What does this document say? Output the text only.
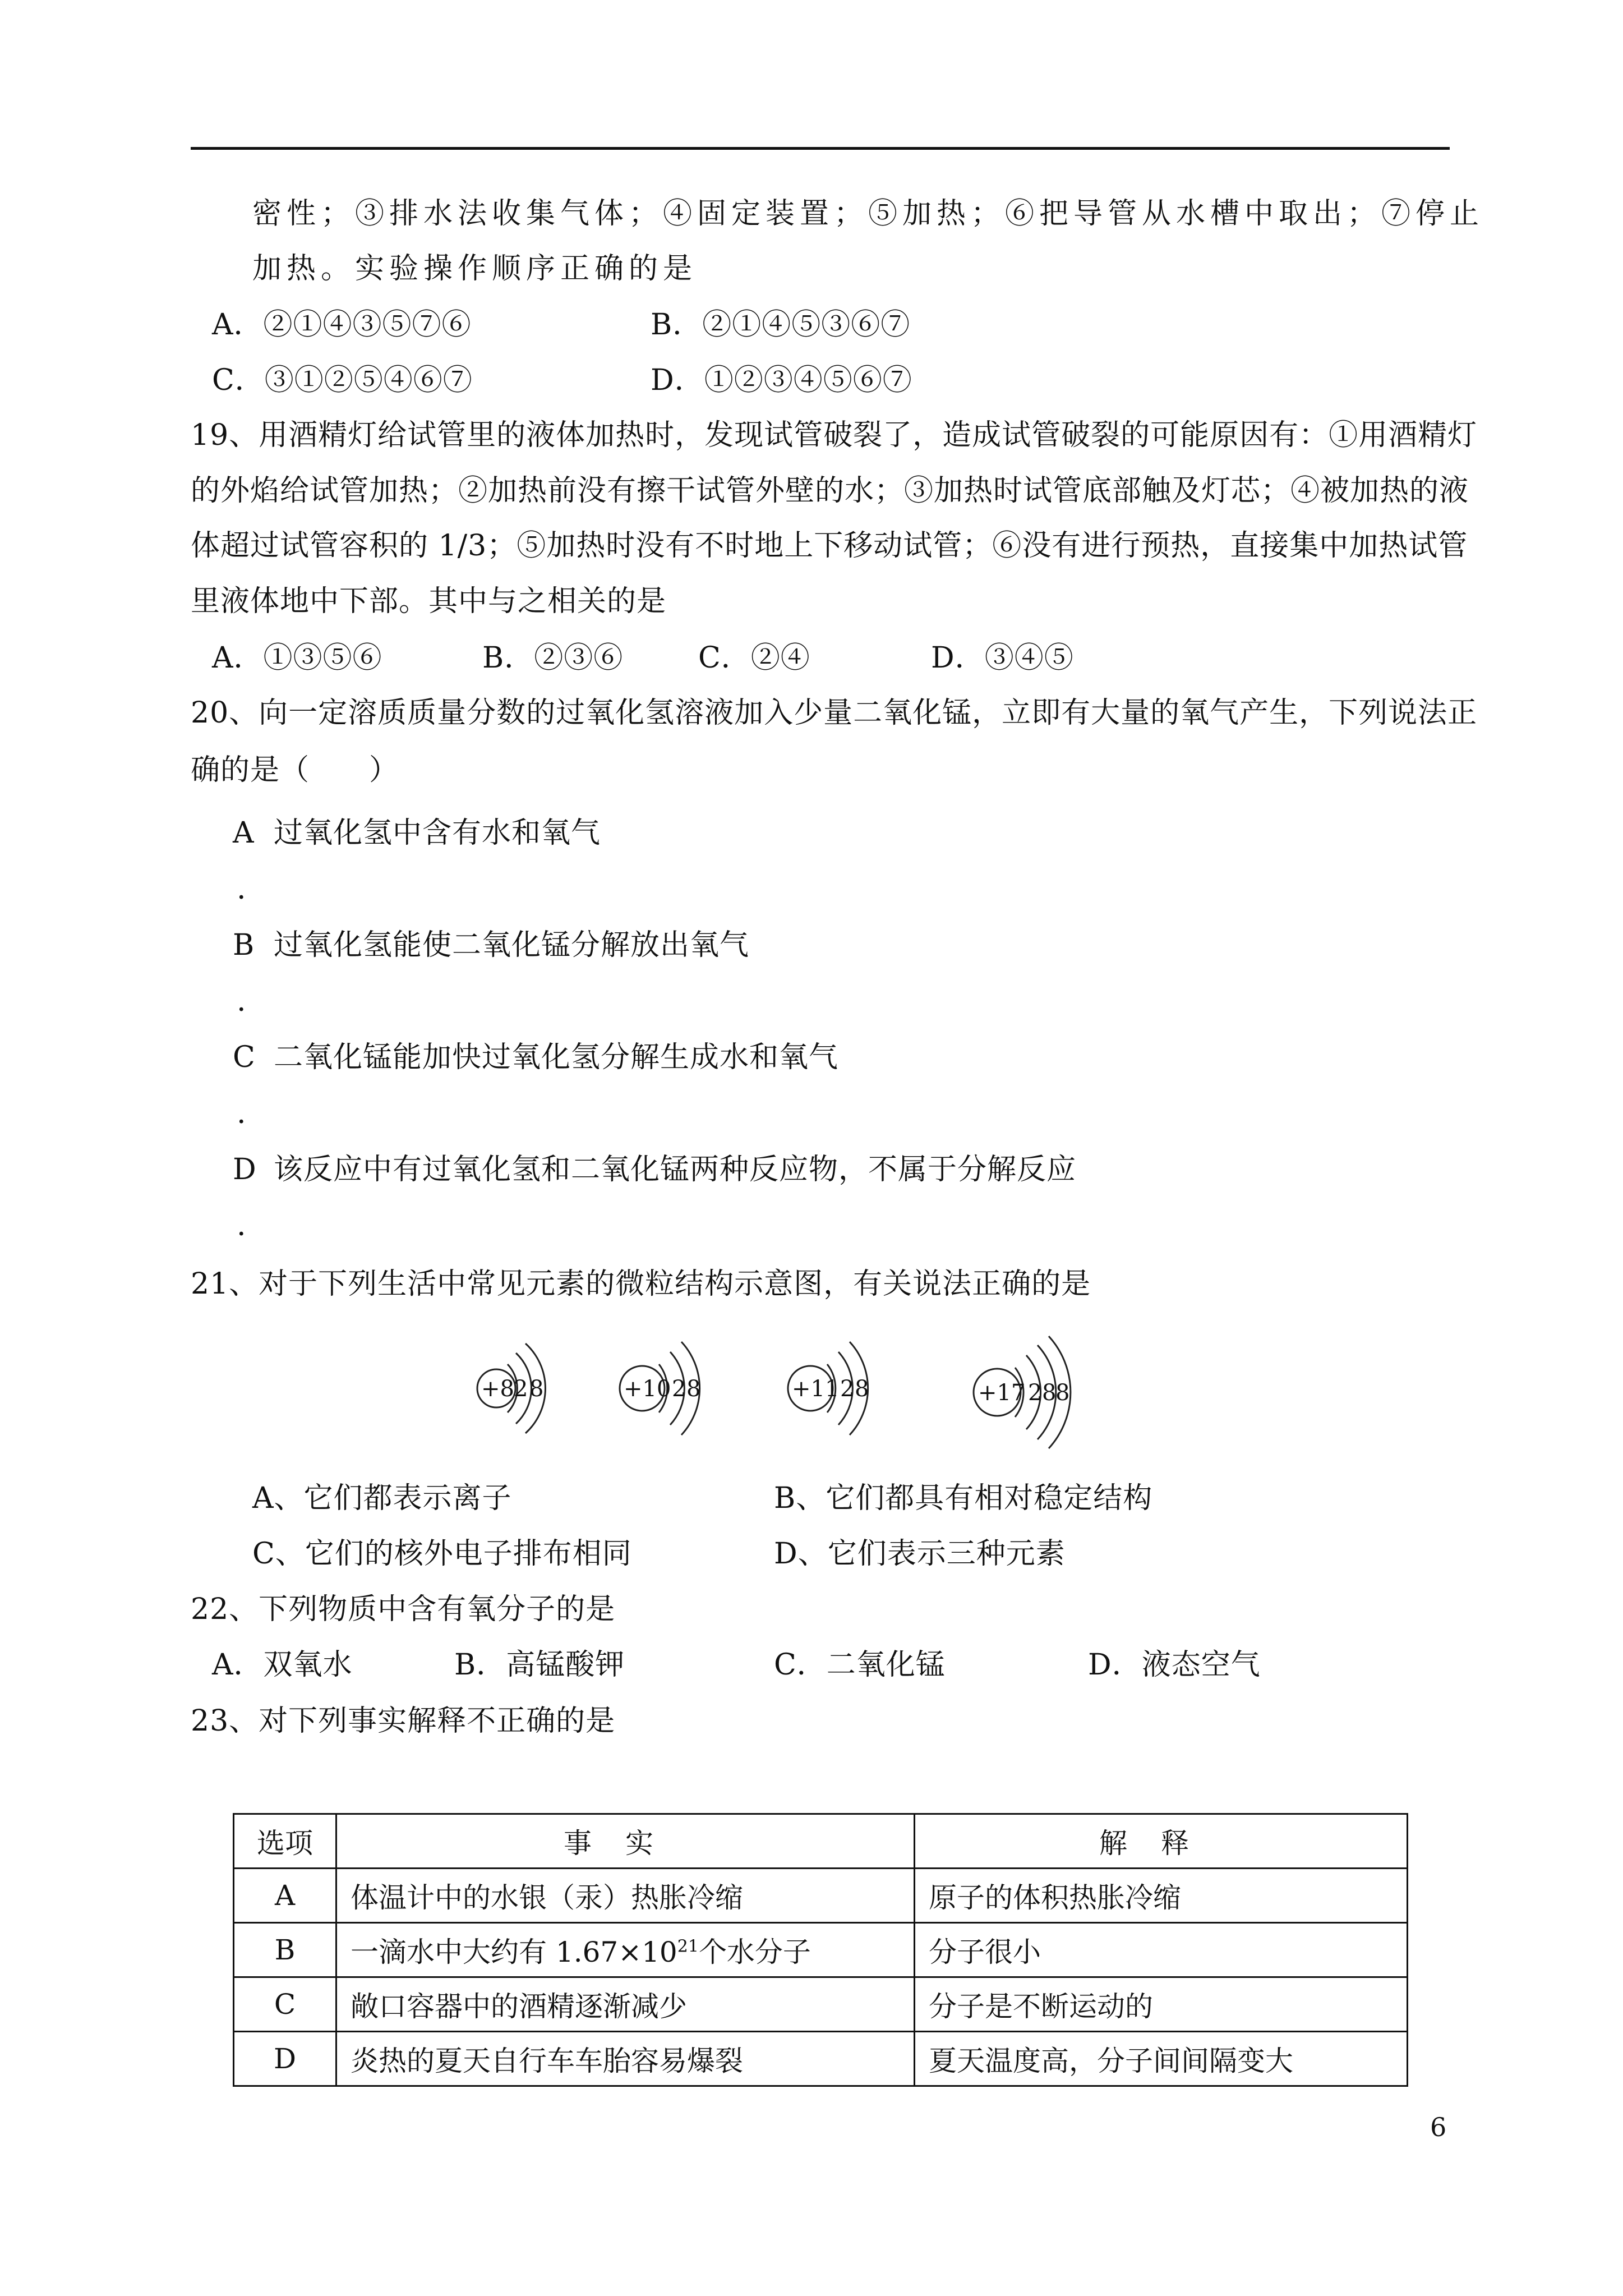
密性；③排水法收集气体；④固定装置；⑤加热；⑥把导管从水槽中取出；⑦停止
加热。实验操作顺序正确的是
A．②①④③⑤⑦⑥	B．②①④⑤③⑥⑦
C．③①②⑤④⑥⑦	D．①②③④⑤⑥⑦
19、用酒精灯给试管里的液体加热时，发现试管破裂了，造成试管破裂的可能原因有：①用酒精灯
的外焰给试管加热；②加热前没有擦干试管外壁的水；③加热时试管底部触及灯芯；④被加热的液
体超过试管容积的 1/3；⑤加热时没有不时地上下移动试管；⑥没有进行预热，直接集中加热试管
里液体地中下部。其中与之相关的是
A．①③⑤⑥	B．②③⑥	C．②④	D．③④⑤
20、向一定溶质质量分数的过氧化氢溶液加入少量二氧化锰，立即有大量的氧气产生，下列说法正
确的是（　　）
A 过氧化氢中含有水和氧气
.
B 过氧化氢能使二氧化锰分解放出氧气
.
C 二氧化锰能加快过氧化氢分解生成水和氧气
.
D 该反应中有过氧化氢和二氧化锰两种反应物，不属于分解反应
.
21、对于下列生活中常见元素的微粒结构示意图，有关说法正确的是
+8 2 8	+10 2 8	+11 2 8	+17 2 8
8
A、它们都表示离子	B、它们都具有相对稳定结构
C、它们的核外电子排布相同	D、它们表示三种元素
22、下列物质中含有氧分子的是
A．双氧水	B．高锰酸钾	C．二氧化锰	D．液态空气
23、对下列事实解释不正确的是
选项	事实	解释
A	体温计中的水银（汞）热胀冷缩	原子的体积热胀冷缩
B	一滴水中大约有 $1.67\times 10^{21}$个水分子	分子很小
C	敞口容器中的酒精逐渐减少	分子是不断运动的
D	炎热的夏天自行车车胎容易爆裂	夏天温度高，分子间间隔变大
6
